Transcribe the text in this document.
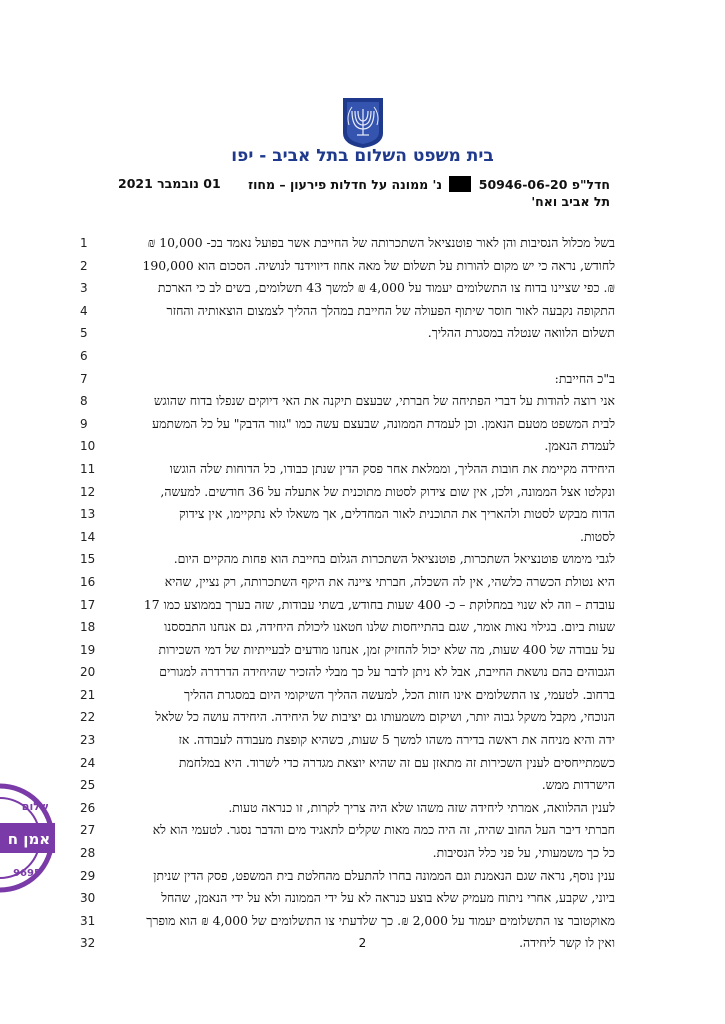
בית משפט השלום בתל אביב - יפו
חדל"פ 50946-06-20  נ' ממונה על חדלות פירעון – מחוז
תל אביב ואח'
01 נובמבר 2021
1	בשל מכלול הנסיבות והן לאור פוטנציאל השתכרותה של החייבת אשר בפועל נאמד בכ- 10,000 ₪
2	לחודש, נראה כי יש מקום להורות על תשלום של מאה אחוז דיווידנד לנושיה. הסכום הוא 190,000
3	₪. כפי שציינו בדוח צו התשלומים יעמוד על 4,000 ₪ למשך 43 תשלומים, בשים לב כי הארכת
4	התקופה נקבעה לאור חוסר שיתוף הפעולה של החייבת במהלך ההליך לצמצום הוצאותיה והחזר
5	תשלום הלוואה שנטלה במסגרת ההליך.
6
7	ב"כ החייבת:
8	אני רוצה להודות על דברי הפתיחה של חברתי, שבעצם תיקנה את האי דיוקים שנפלו בדוח שהוגש
9	לבית המשפט מטעם הנאמן. וכן לעמדת הממונה, שבעצם עשה כמו "גזור הדבק" על כל המשתמע
10	לעמדת הנאמן.
11	היחידה מקיימת את חובות ההליך, וממלאת אחר פסק הדין שנתן כבודו, כל הדוחות שלה הוגשו
12	ונקלטו אצל הממונה, ולכן, אין שום צידוק לסטות מתוכנית של אתעלה על 36 חודשים. למעשה,
13	הדוח מבקש לסטות ולהאריך את התוכנית לאור המחדלים, אך משאלו לא נתקיימו, אין צידוק
14	לסטות.
15	לגבי מימוש פוטנציאל השתכרות, פוטנציאל השתכרות הגלום בחייבת הוא פחות מהקיים היום.
16	היא נטולת הכשרה כלשהי, אין לה השכלה, חברתי ציינה את היקף השתכרותה, רק נציין, שהיא
17	עובדת – וזה לא שנוי במחלוקת – כ- 400 שעות בחודש, בשתי עבודות, שזה בערך בממוצע כמו 17
18	שעות ביום. בגילוי נאות אומר, שגם בהתייחסות שלנו חטאנו ליכולת היחידה, גם אנחנו התבססנו
19	על עבודה של 400 שעות, מה שלא יכול להחזיק זמן, אנחנו מודעים לבעייתיות של דמי השכירות
20	הגבוהים בהם נושאת החייבת, אבל לא ניתן לדבר על כך מבלי להזכיר שהיחידה הדרדרה למגורים
21	ברחוב. לטעמי, צו התשלומים אינו חזות הכל, למעשה ההליך השיקומי היום במסגרת ההליך
22	הנוכחי, מקבל משקל גבוה יותר, ושיקום משמעותו גם יציבות של היחידה. היחידה עושה כל שלאל
23	ידה והיא מניחה את ראשה בדירה משהו למשך 5 שעות, כשהיא קופצת מעבודה לעבודה. אז
24	כשמתייחסים לענין השכירות זה מתאזן עם זה שהיא יוצאת מגדרה כדי לשרוד. היא במלחמת
25	הישרדות ממש.
26	לענין ההלוואה, אמרתי ליחידה שזה משהו שלא היה צריך לקרות, זו כנראה טעות.
27	חברתי דיבר העל החוב שהיה, זה היה כמה מאות שקלים לתאגיד מים והדבר נסגר. לטעמי הוא לא
28	כל כך משמעותי, על פני כלל הנסיבות.
29	ענין נוסף, נראה שגם הנאמנת וגם הממונה בחרו להתעלם מהחלטת בית המשפט, פסק הדין שניתן
30	ביוני, שקבע, אחרי ניתוח מעמיק שלא בוצע כנראה לא על ידי הממונה ולא על ידי הנאמן, שהחל
31	מאוקטובר צו התשלומים יעמוד על 2,000 ₪. כך שלדעתי צו התשלומים של 4,000 ₪ הוא מופרך
32	ואין לו קשר ליחידה.
2
שלום
אמן ח
9695
